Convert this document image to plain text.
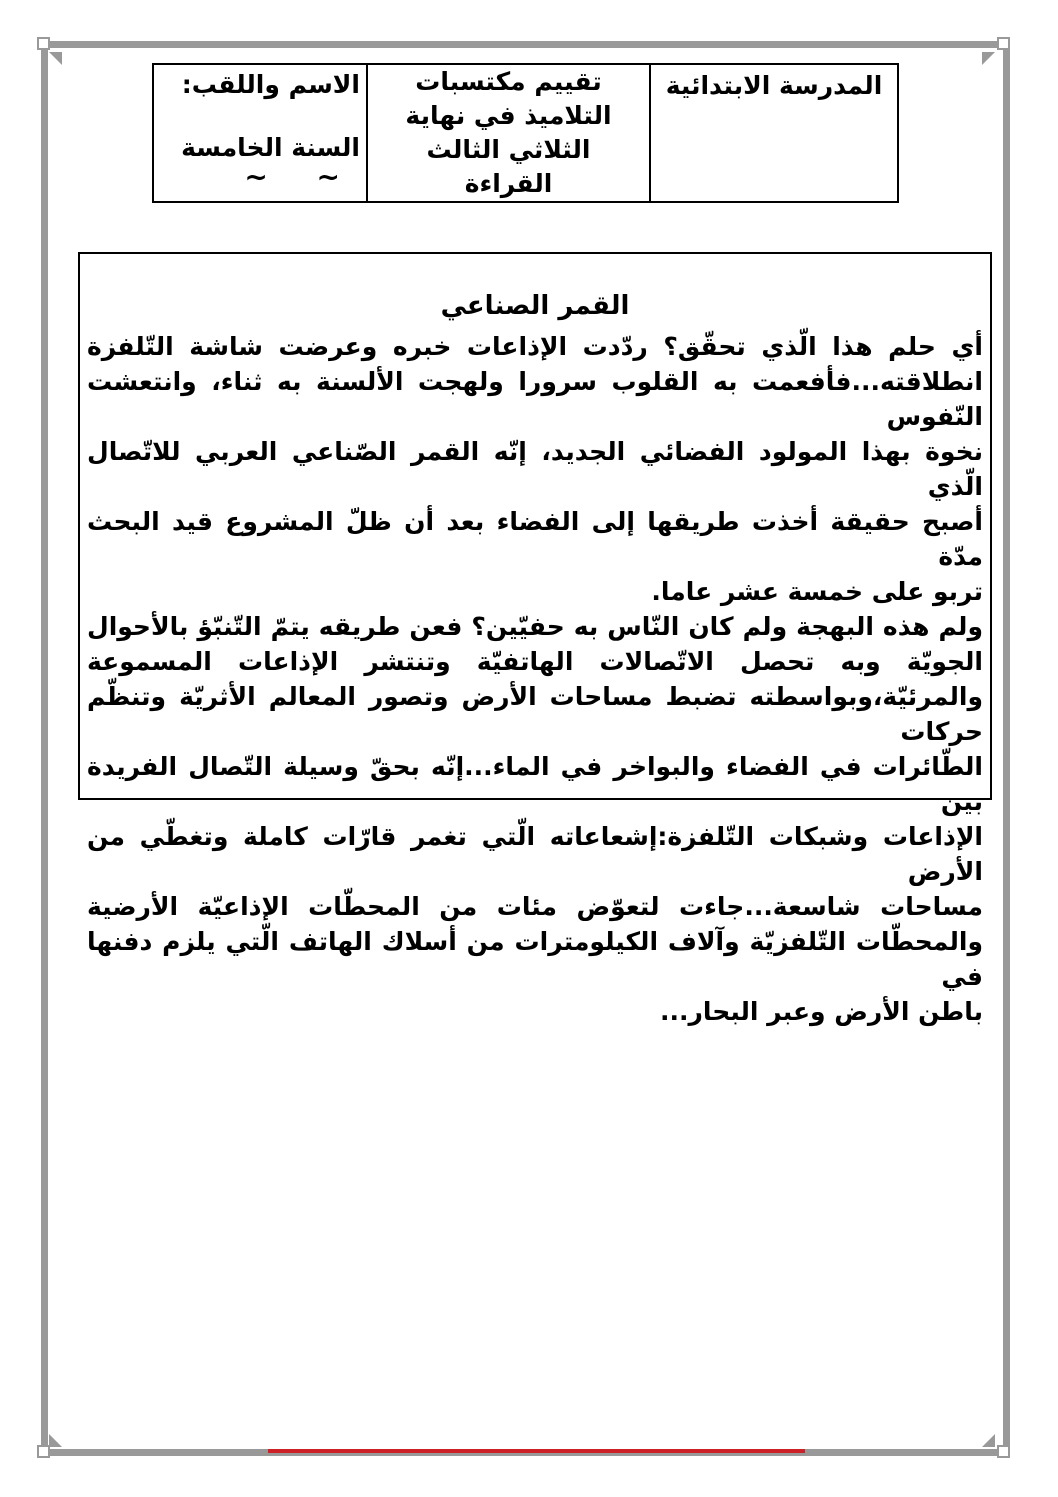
الاسم واللقب:
السنة الخامسة
~     ~

تقييم مكتسبات
التلاميذ في نهاية
الثلاثي الثالث
القراءة

المدرسة الابتدائية
القمر الصناعي
أي حلم هذا الّذي تحقّق؟ ردّدت الإذاعات خبره وعرضت شاشة التّلفزة
انطلاقته...فأفعمت به القلوب سرورا ولهجت الألسنة به ثناء، وانتعشت النّفوس
نخوة بهذا المولود الفضائي الجديد، إنّه القمر الصّناعي العربي للاتّصال الّذي
أصبح حقيقة أخذت طريقها إلى الفضاء بعد أن ظلّ المشروع قيد البحث مدّة
تربو على خمسة عشر عاما.
ولم هذه البهجة ولم كان النّاس به حفيّين؟ فعن طريقه يتمّ التّنبّؤ بالأحوال
الجويّة وبه تحصل الاتّصالات الهاتفيّة وتنتشر الإذاعات المسموعة
والمرئيّة،وبواسطته تضبط مساحات الأرض وتصور المعالم الأثريّة وتنظّم حركات
الطّائرات في الفضاء والبواخر في الماء...إنّه بحقّ وسيلة التّصال الفريدة بين
الإذاعات وشبكات التّلفزة:إشعاعاته الّتي تغمر قارّات كاملة وتغطّي من الأرض
مساحات شاسعة...جاءت لتعوّض مئات من المحطّات الإذاعيّة الأرضية
والمحطّات التّلفزيّة وآلاف الكيلومترات من أسلاك الهاتف الّتي يلزم دفنها في
باطن الأرض وعبر البحار...
